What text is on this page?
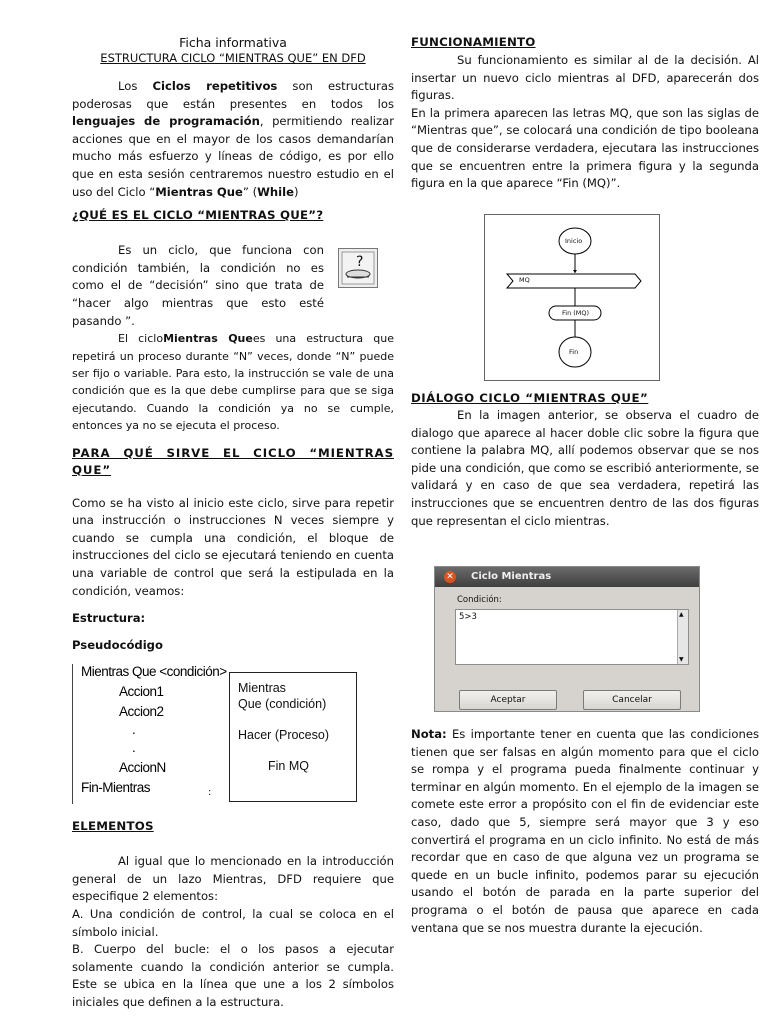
Ficha informativa

ESTRUCTURA CICLO “MIENTRAS QUE” EN DFD

Los Ciclos repetitivos son estructuras poderosas que están presentes en todos los lenguajes de programación, permitiendo realizar acciones que en el mayor de los casos demandarían mucho más esfuerzo y líneas de código, es por ello que en esta sesión centraremos nuestro estudio en el uso del Ciclo “Mientras Que” (While)

¿QUÉ ES EL CICLO “MIENTRAS QUE”?

Es un ciclo, que funciona con condición también, la condición no es como el de “decisión” sino que trata de “hacer algo mientras que esto esté pasando ”.

?

El cicloMientras Quees una estructura que repetirá un proceso durante “N” veces, donde “N” puede ser fijo o variable. Para esto, la instrucción se vale de una condición que es la que debe cumplirse para que se siga ejecutando. Cuando la condición ya no se cumple, entonces ya no se ejecuta el proceso.

PARA QUÉ SIRVE EL CICLO “MIENTRAS QUE”

Como se ha visto al inicio este ciclo, sirve para repetir una instrucción o instrucciones N veces siempre y cuando se cumpla una condición, el bloque de instrucciones del ciclo se ejecutará teniendo en cuenta una variable de control que será la estipulada en la condición, veamos:

Estructura:

Pseudocódigo

Mientras Que <condición>
Accion1
Accion2
.
.
AccionN
Fin-Mientras	:
Mientras
Que (condición)
Hacer (Proceso)
Fin MQ

ELEMENTOS

Al igual que lo mencionado en la introducción general de un lazo Mientras, DFD requiere que especifique 2 elementos:

A. Una condición de control, la cual se coloca en el símbolo inicial.

B. Cuerpo del bucle: el o los pasos a ejecutar solamente cuando la condición anterior se cumpla. Este se ubica en la línea que une a los 2 símbolos iniciales que definen a la estructura.

FUNCIONAMIENTO

Su funcionamiento es similar al de la decisión. Al insertar un nuevo ciclo mientras al DFD, aparecerán dos figuras.

En la primera aparecen las letras MQ, que son las siglas de “Mientras que”, se colocará una condición de tipo booleana que de considerarse verdadera, ejecutara las instrucciones que se encuentren entre la primera figura y la segunda figura en la que aparece “Fin (MQ)”.

Inicio
MQ
Fin (MQ)
Fin

DIÁLOGO CICLO “MIENTRAS QUE”

En la imagen anterior, se observa el cuadro de dialogo que aparece al hacer doble clic sobre la figura que contiene la palabra MQ, allí podemos observar que se nos pide una condición, que como se escribió anteriormente, se validará y en caso de que sea verdadera, repetirá las instrucciones que se encuentren dentro de las dos figuras que representan el ciclo mientras.

✕ Ciclo Mientras
Condición:
5>3	▲
▼
Aceptar	Cancelar

Nota: Es importante tener en cuenta que las condiciones tienen que ser falsas en algún momento para que el ciclo se rompa y el programa pueda finalmente continuar y terminar en algún momento. En el ejemplo de la imagen se comete este error a propósito con el fin de evidenciar este caso, dado que 5, siempre será mayor que 3 y eso convertirá el programa en un ciclo infinito. No está de más recordar que en caso de que alguna vez un programa se quede en un bucle infinito, podemos parar su ejecución usando el botón de parada en la parte superior del programa o el botón de pausa que aparece en cada ventana que se nos muestra durante la ejecución.
